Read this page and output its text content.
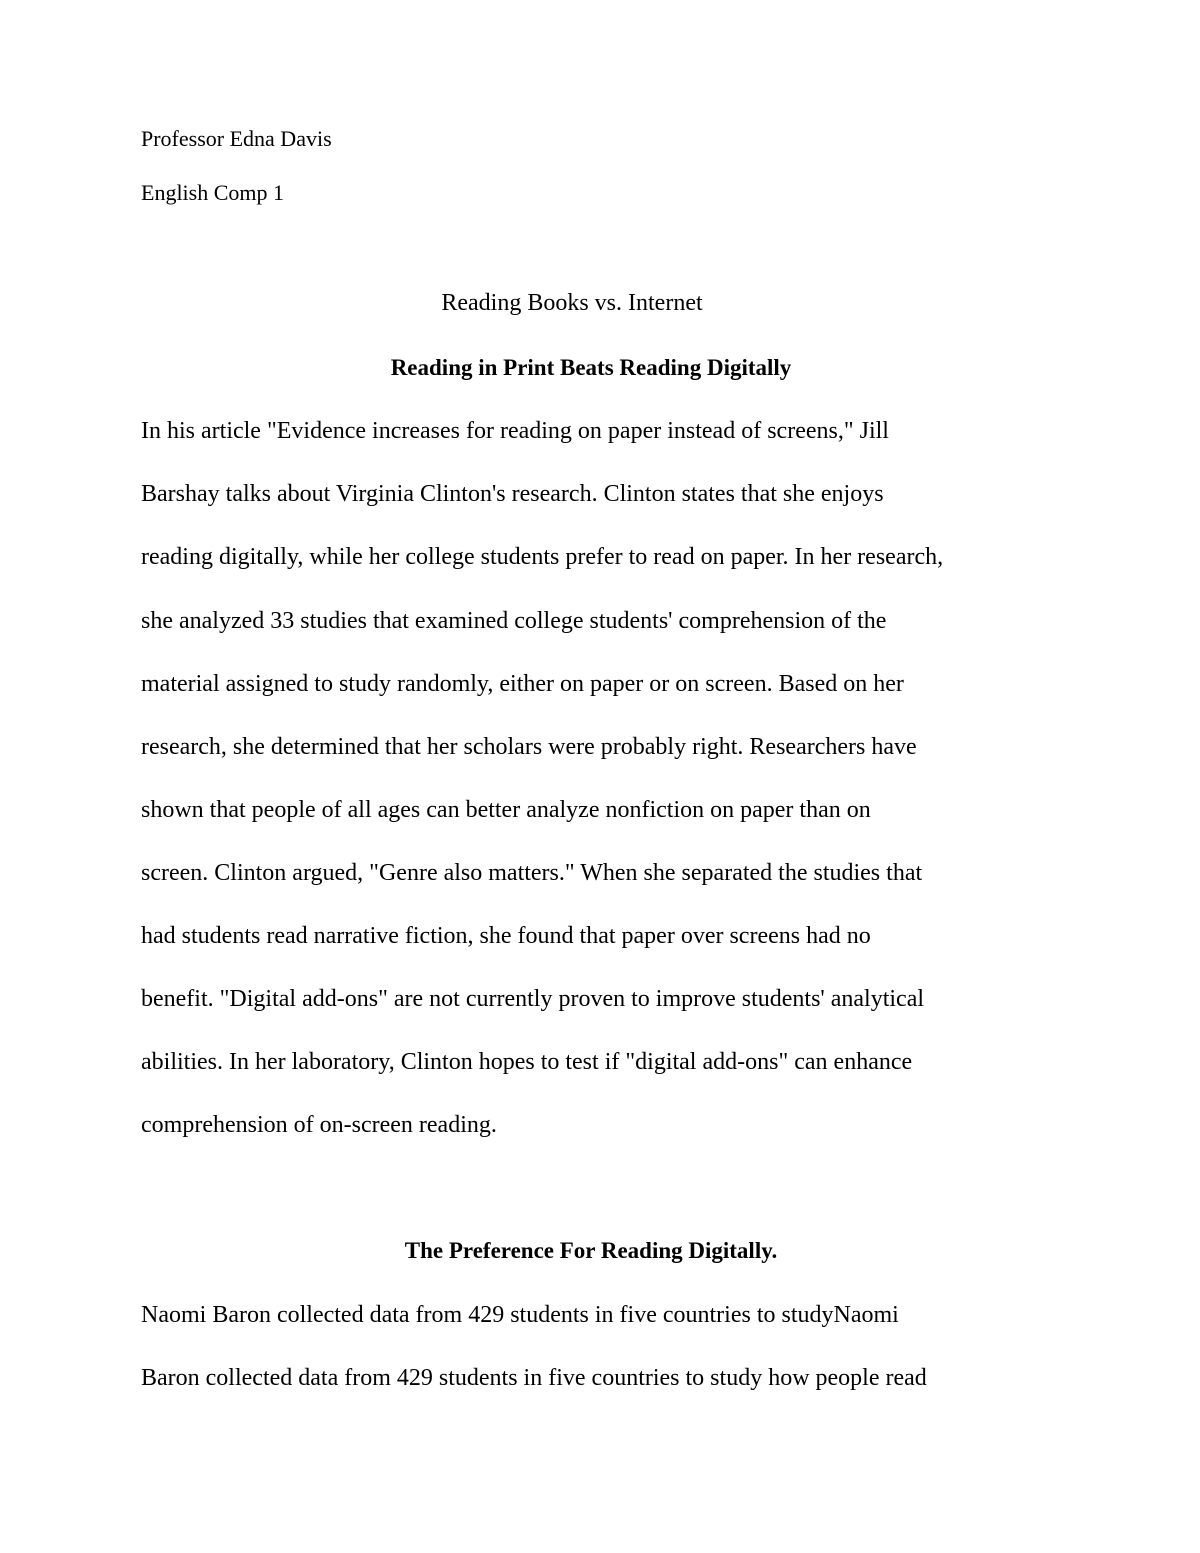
Professor Edna Davis
English Comp 1
Reading Books vs. Internet
Reading in Print Beats Reading Digitally
In his article "Evidence increases for reading on paper instead of screens," Jill
Barshay talks about Virginia Clinton's research. Clinton states that she enjoys
reading digitally, while her college students prefer to read on paper. In her research,
she analyzed 33 studies that examined college students' comprehension of the
material assigned to study randomly, either on paper or on screen. Based on her
research, she determined that her scholars were probably right. Researchers have
shown that people of all ages can better analyze nonfiction on paper than on
screen. Clinton argued, "Genre also matters." When she separated the studies that
had students read narrative fiction, she found that paper over screens had no
benefit. "Digital add-ons" are not currently proven to improve students' analytical
abilities. In her laboratory, Clinton hopes to test if "digital add-ons" can enhance
comprehension of on-screen reading.
The Preference For Reading Digitally.
Naomi Baron collected data from 429 students in five countries to studyNaomi
Baron collected data from 429 students in five countries to study how people read
